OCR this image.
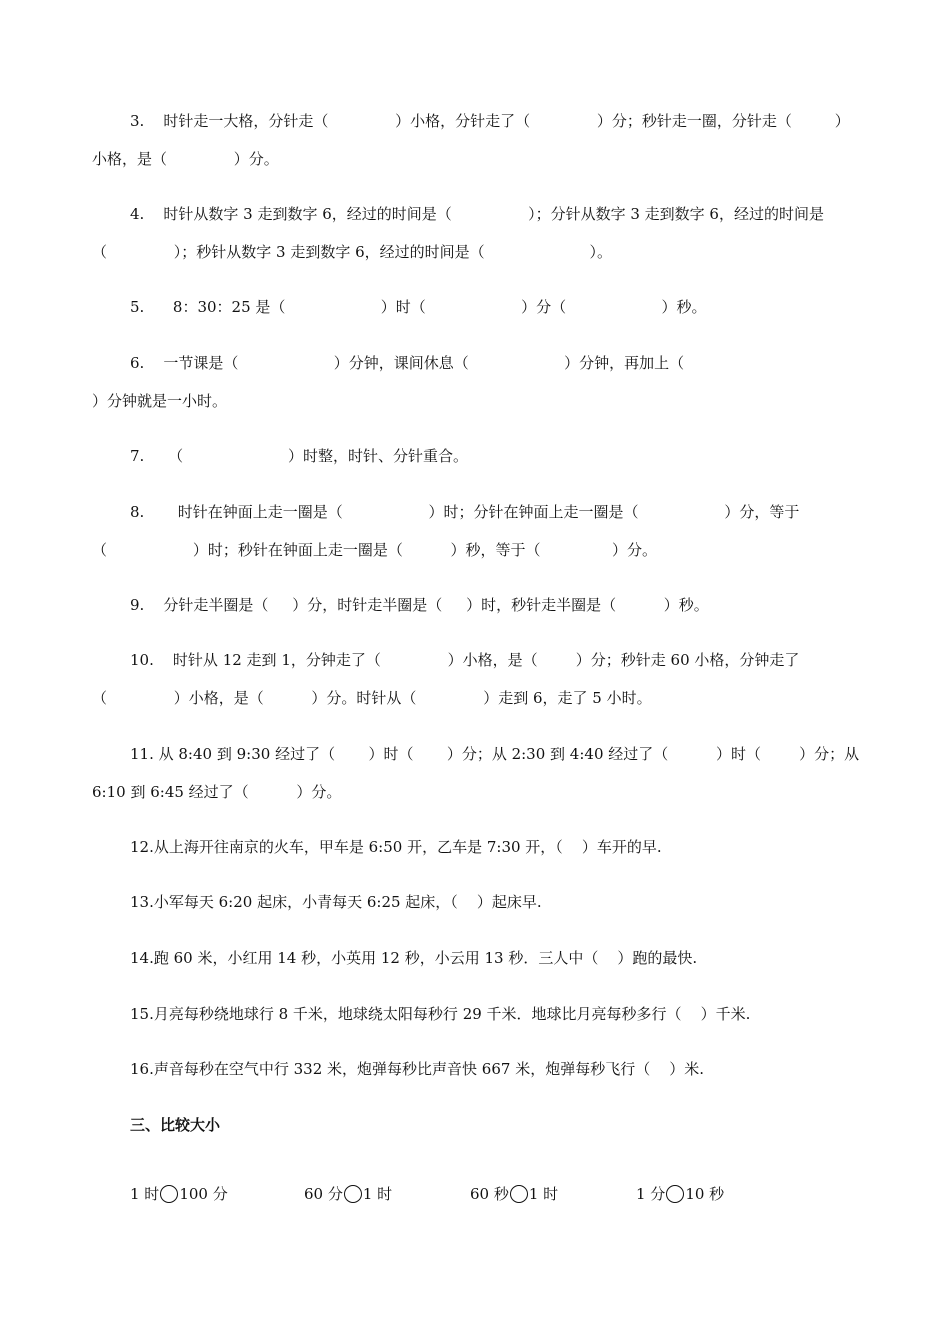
3.    时针走一大格，分针走（              ）小格，分针走了（              ）分；秒针走一圈，分针走（         ）
小格，是（              ）分。
4.    时针从数字 3 走到数字 6，经过的时间是（                ）；分针从数字 3 走到数字 6，经过的时间是
（              ）；秒针从数字 3 走到数字 6，经过的时间是（                      ）。
5.      8：30：25 是（                    ）时（                    ）分（                    ）秒。
6.    一节课是（                    ）分钟，课间休息（                    ）分钟，再加上（
）分钟就是一小时。
7.     （                      ）时整，时针、分针重合。
8.       时针在钟面上走一圈是（                  ）时；分针在钟面上走一圈是（                  ）分，等于
（                  ）时；秒针在钟面上走一圈是（          ）秒，等于（               ）分。
9.    分针走半圈是（     ）分，时针走半圈是（     ）时，秒针走半圈是（          ）秒。
10.    时针从 12 走到 1，分钟走了（              ）小格，是（        ）分；秒针走 60 小格，分钟走了
（              ）小格，是（          ）分。时针从（              ）走到 6，走了 5 小时。
11. 从 8:40 到 9:30 经过了（       ）时（       ）分；从 2:30 到 4:40 经过了（          ）时（        ）分；从
6:10 到 6:45 经过了（          ）分。
12.从上海开往南京的火车，甲车是 6:50 开，乙车是 7:30 开，（    ）车开的早.
13.小军每天 6:20 起床，小青每天 6:25 起床，（    ）起床早.
14.跑 60 米，小红用 14 秒，小英用 12 秒，小云用 13 秒．三人中（    ）跑的最快.
15.月亮每秒绕地球行 8 千米，地球绕太阳每秒行 29 千米．地球比月亮每秒多行（    ）千米.
16.声音每秒在空气中行 332 米，炮弹每秒比声音快 667 米，炮弹每秒飞行（    ）米.
三、比较大小
1 时 100 分	60 分 1 时	60 秒 1 时	1 分 10 秒
